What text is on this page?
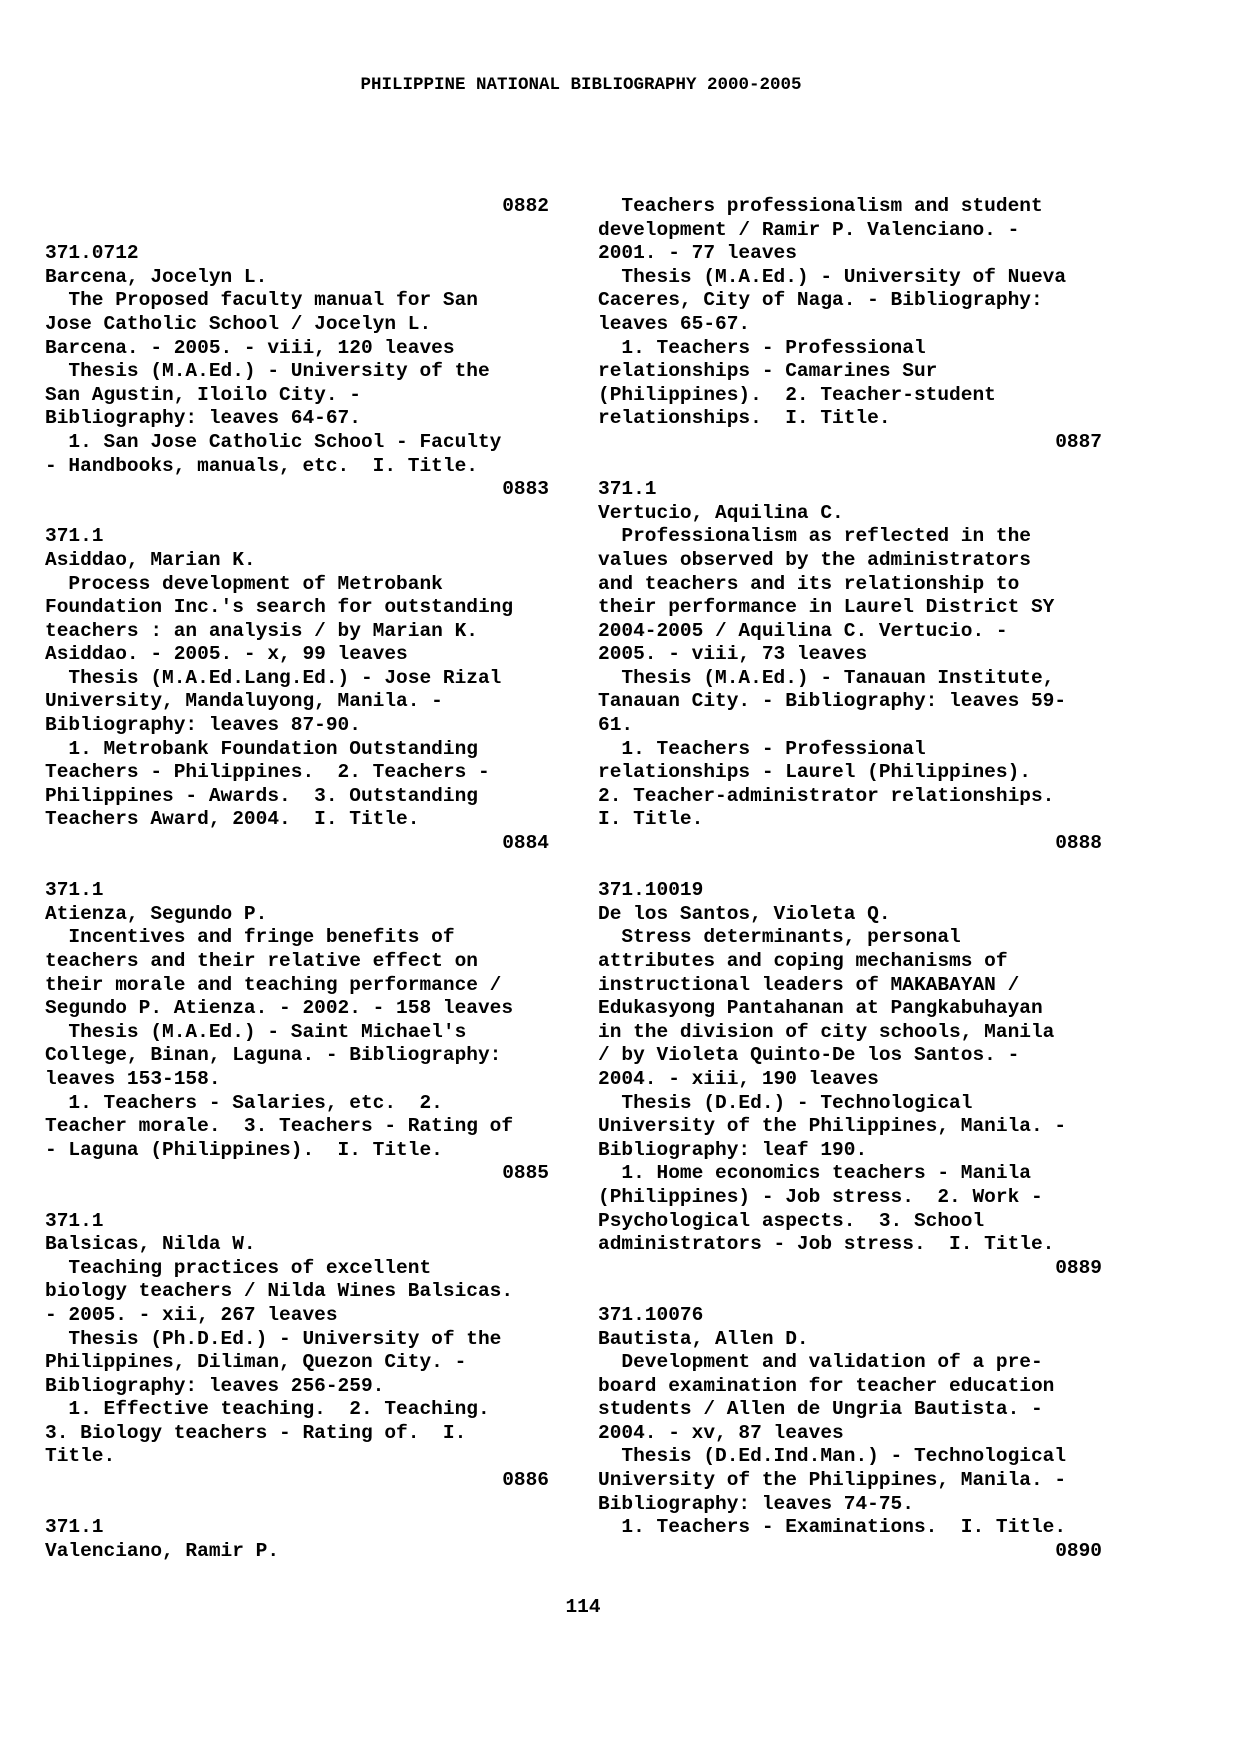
PHILIPPINE NATIONAL BIBLIOGRAPHY 2000-2005
0882
371.0712
Barcena, Jocelyn L.
The Proposed faculty manual for San
Jose Catholic School / Jocelyn L.
Barcena. - 2005. - viii, 120 leaves
Thesis (M.A.Ed.) - University of the
San Agustin, Iloilo City. -
Bibliography: leaves 64-67.
1. San Jose Catholic School - Faculty
- Handbooks, manuals, etc.  I. Title.
0883
371.1
Asiddao, Marian K.
Process development of Metrobank
Foundation Inc.'s search for outstanding
teachers : an analysis / by Marian K.
Asiddao. - 2005. - x, 99 leaves
Thesis (M.A.Ed.Lang.Ed.) - Jose Rizal
University, Mandaluyong, Manila. -
Bibliography: leaves 87-90.
1. Metrobank Foundation Outstanding
Teachers - Philippines.  2. Teachers -
Philippines - Awards.  3. Outstanding
Teachers Award, 2004.  I. Title.
0884
371.1
Atienza, Segundo P.
Incentives and fringe benefits of
teachers and their relative effect on
their morale and teaching performance /
Segundo P. Atienza. - 2002. - 158 leaves
Thesis (M.A.Ed.) - Saint Michael's
College, Binan, Laguna. - Bibliography:
leaves 153-158.
1. Teachers - Salaries, etc.  2.
Teacher morale.  3. Teachers - Rating of
- Laguna (Philippines).  I. Title.
0885
371.1
Balsicas, Nilda W.
Teaching practices of excellent
biology teachers / Nilda Wines Balsicas.
- 2005. - xii, 267 leaves
Thesis (Ph.D.Ed.) - University of the
Philippines, Diliman, Quezon City. -
Bibliography: leaves 256-259.
1. Effective teaching.  2. Teaching.
3. Biology teachers - Rating of.  I.
Title.
0886
371.1
Valenciano, Ramir P.
Teachers professionalism and student
development / Ramir P. Valenciano. -
2001. - 77 leaves
Thesis (M.A.Ed.) - University of Nueva
Caceres, City of Naga. - Bibliography:
leaves 65-67.
1. Teachers - Professional
relationships - Camarines Sur
(Philippines).  2. Teacher-student
relationships.  I. Title.
0887
371.1
Vertucio, Aquilina C.
Professionalism as reflected in the
values observed by the administrators
and teachers and its relationship to
their performance in Laurel District SY
2004-2005 / Aquilina C. Vertucio. -
2005. - viii, 73 leaves
Thesis (M.A.Ed.) - Tanauan Institute,
Tanauan City. - Bibliography: leaves 59-
61.
1. Teachers - Professional
relationships - Laurel (Philippines).
2. Teacher-administrator relationships.
I. Title.
0888
371.10019
De los Santos, Violeta Q.
Stress determinants, personal
attributes and coping mechanisms of
instructional leaders of MAKABAYAN /
Edukasyong Pantahanan at Pangkabuhayan
in the division of city schools, Manila
/ by Violeta Quinto-De los Santos. -
2004. - xiii, 190 leaves
Thesis (D.Ed.) - Technological
University of the Philippines, Manila. -
Bibliography: leaf 190.
1. Home economics teachers - Manila
(Philippines) - Job stress.  2. Work -
Psychological aspects.  3. School
administrators - Job stress.  I. Title.
0889
371.10076
Bautista, Allen D.
Development and validation of a pre-
board examination for teacher education
students / Allen de Ungria Bautista. -
2004. - xv, 87 leaves
Thesis (D.Ed.Ind.Man.) - Technological
University of the Philippines, Manila. -
Bibliography: leaves 74-75.
1. Teachers - Examinations.  I. Title.
0890

114
